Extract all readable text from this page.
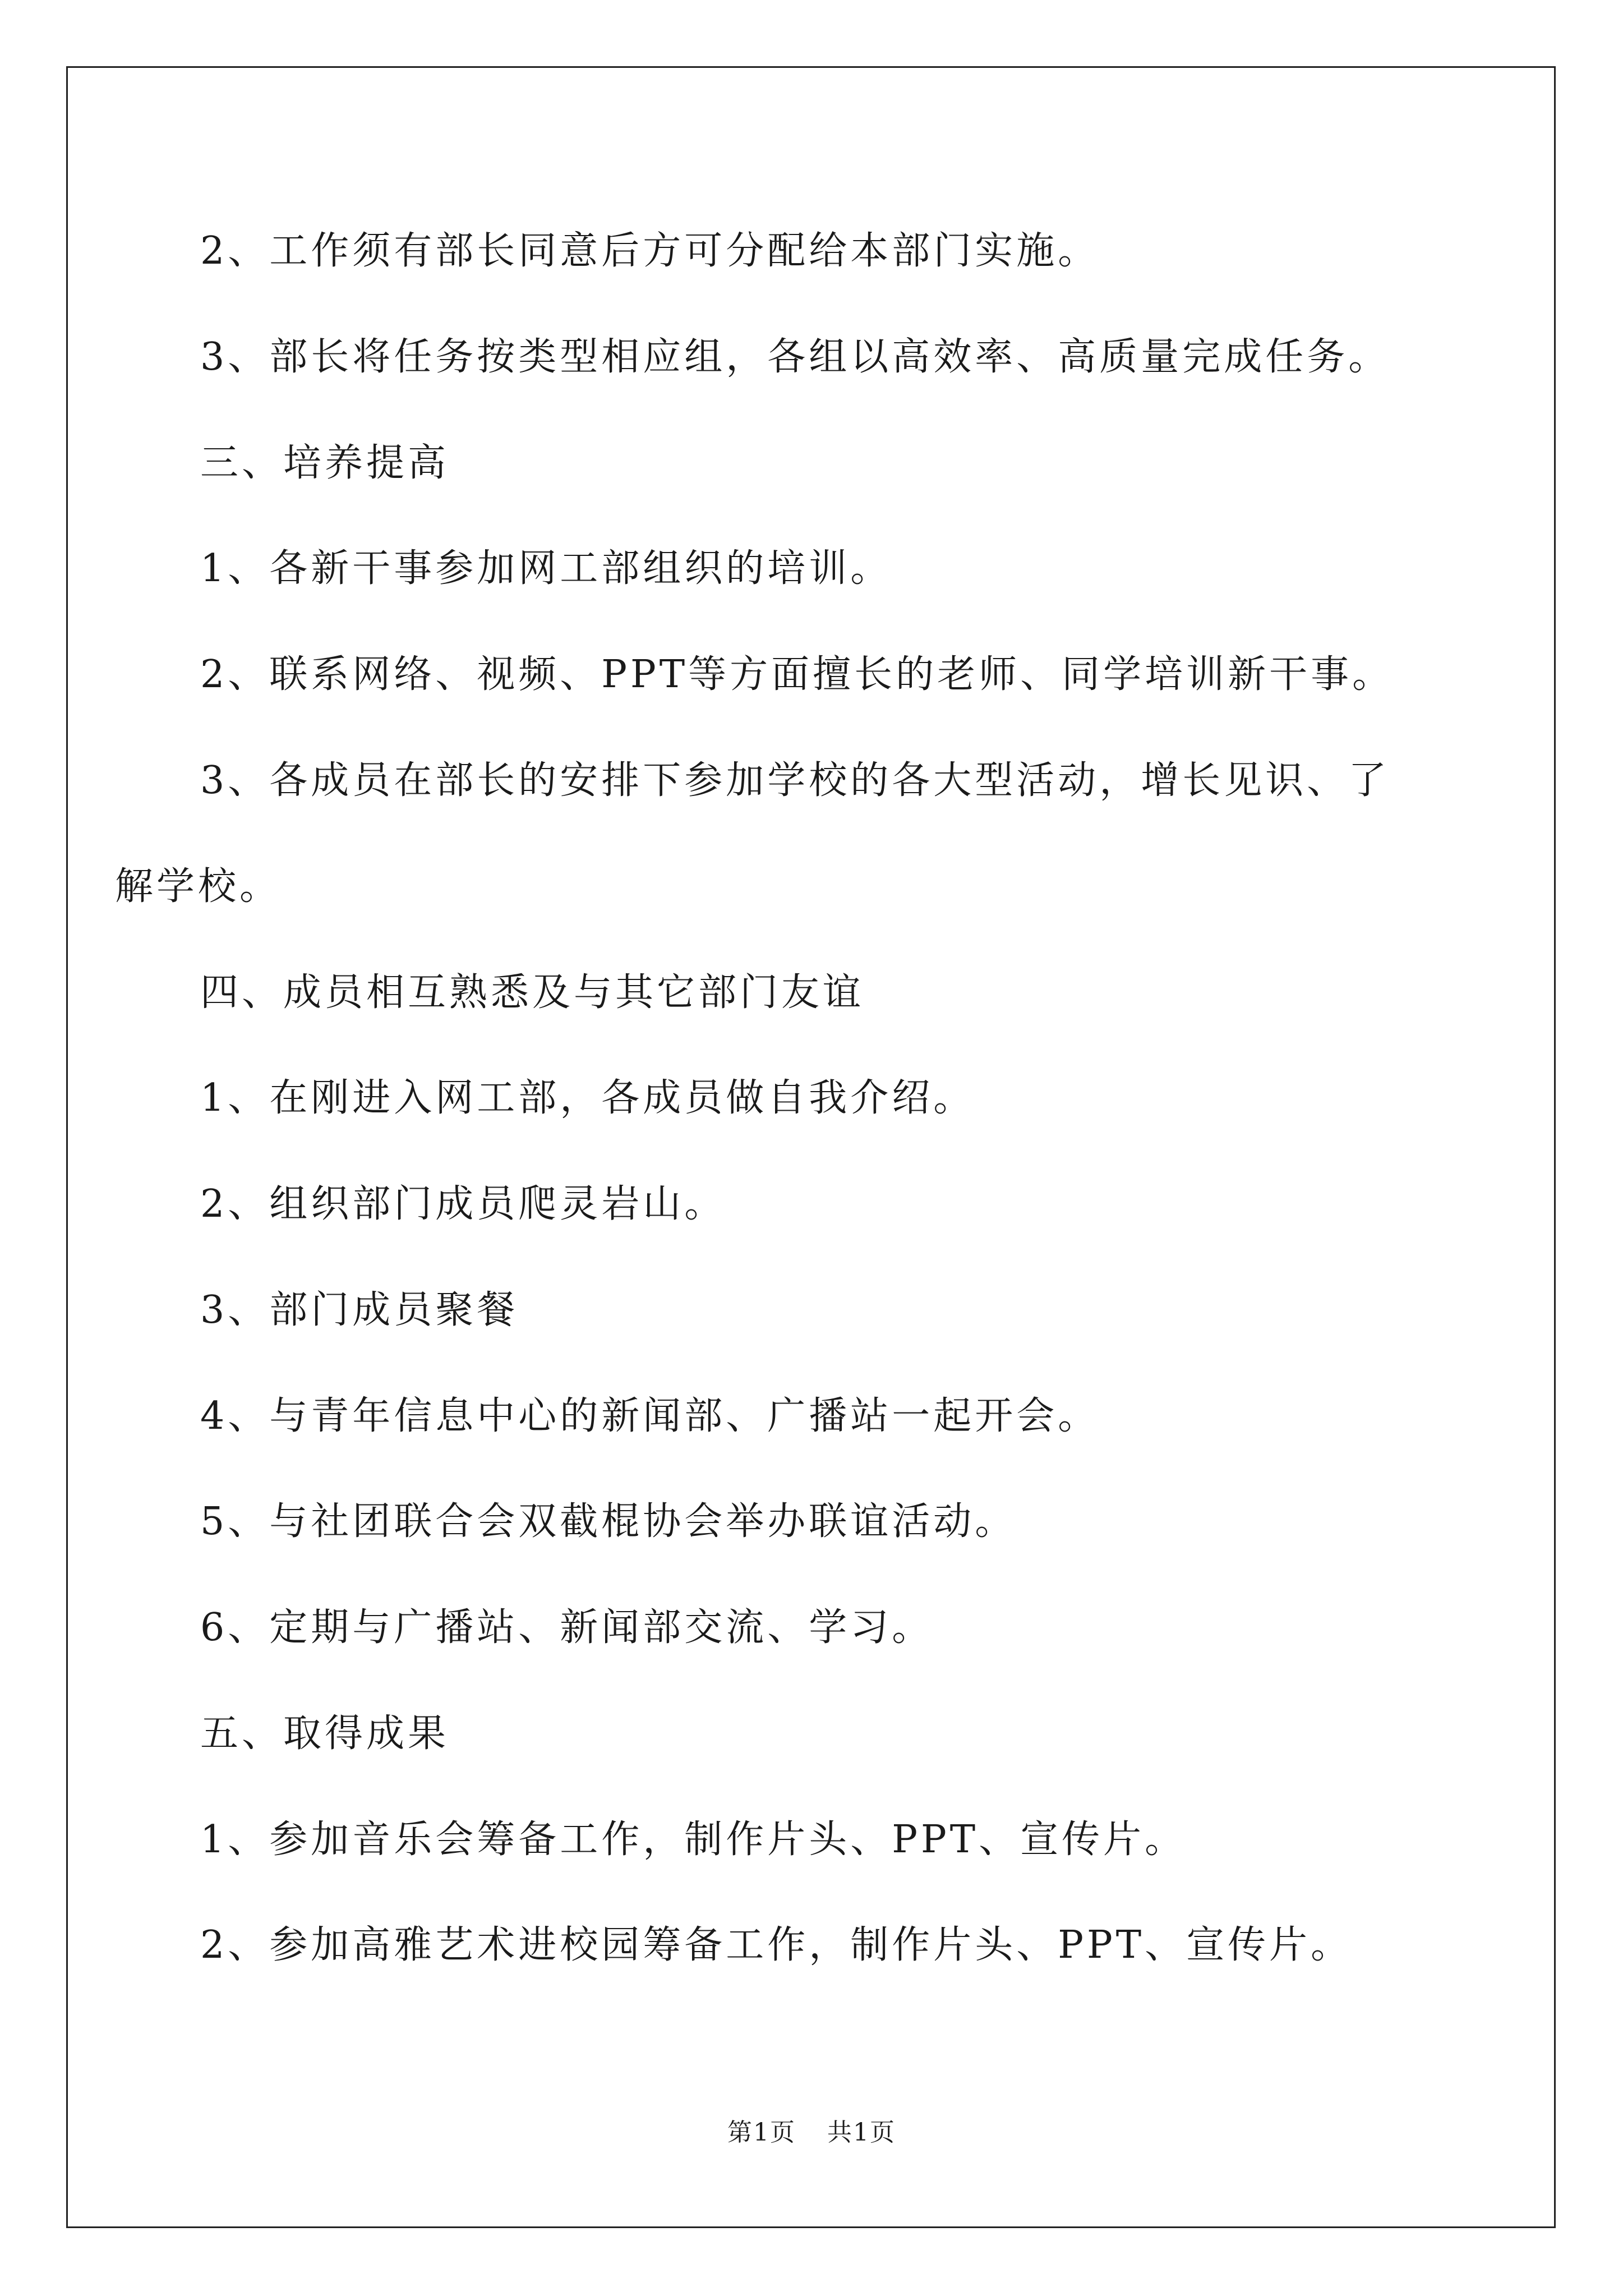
2、工作须有部长同意后方可分配给本部门实施。
3、部长将任务按类型相应组，各组以高效率、高质量完成任务。
三、培养提高
1、各新干事参加网工部组织的培训。
2、联系网络、视频、PPT等方面擅长的老师、同学培训新干事。
3、各成员在部长的安排下参加学校的各大型活动，增长见识、了
解学校。
四、成员相互熟悉及与其它部门友谊
1、在刚进入网工部，各成员做自我介绍。
2、组织部门成员爬灵岩山。
3、部门成员聚餐
4、与青年信息中心的新闻部、广播站一起开会。
5、与社团联合会双截棍协会举办联谊活动。
6、定期与广播站、新闻部交流、学习。
五、取得成果
1、参加音乐会筹备工作，制作片头、PPT、宣传片。
2、参加高雅艺术进校园筹备工作，制作片头、PPT、宣传片。
第1页 共1页
